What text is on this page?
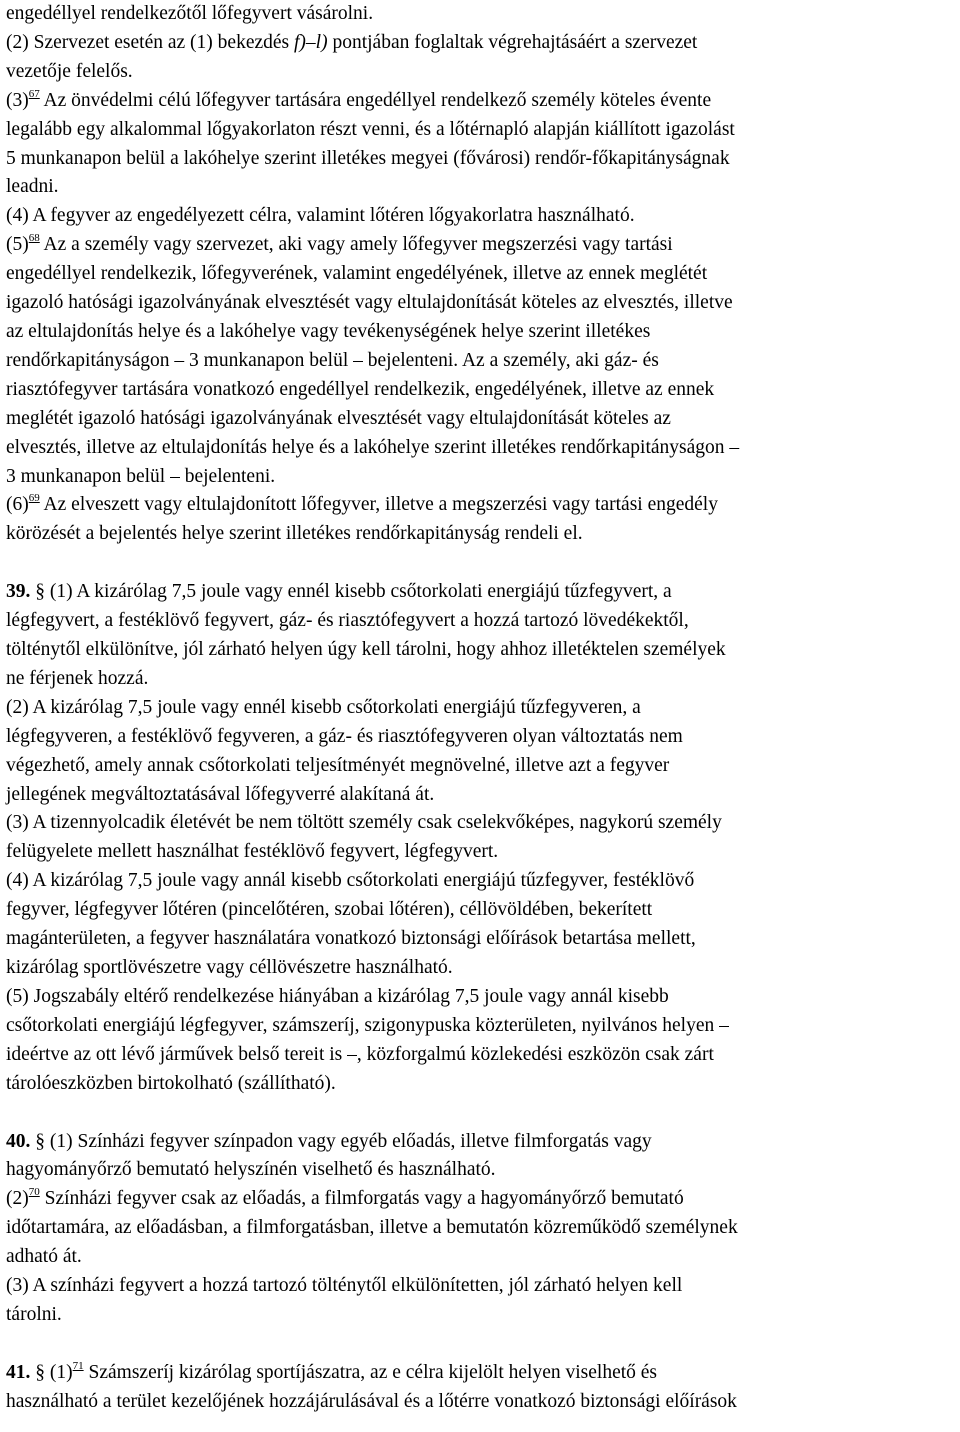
engedéllyel rendelkezőtől lőfegyvert vásárolni.

(2) Szervezet esetén az (1) bekezdés f)–l) pontjában foglaltak végrehajtásáért a szervezet
vezetője felelős.

$(3)^{67}$ Az önvédelmi célú lőfegyver tartására engedéllyel rendelkező személy köteles évente
legalább egy alkalommal lőgyakorlaton részt venni, és a lőtérnapló alapján kiállított igazolást
5 munkanapon belül a lakóhelye szerint illetékes megyei (fővárosi) rendőr-főkapitányságnak
leadni.

(4) A fegyver az engedélyezett célra, valamint lőtéren lőgyakorlatra használható.

$(5)^{68}$ Az a személy vagy szervezet, aki vagy amely lőfegyver megszerzési vagy tartási
engedéllyel rendelkezik, lőfegyverének, valamint engedélyének, illetve az ennek meglétét
igazoló hatósági igazolványának elvesztését vagy eltulajdonítását köteles az elvesztés, illetve
az eltulajdonítás helye és a lakóhelye vagy tevékenységének helye szerint illetékes
rendőrkapitányságon – 3 munkanapon belül – bejelenteni. Az a személy, aki gáz- és
riasztófegyver tartására vonatkozó engedéllyel rendelkezik, engedélyének, illetve az ennek
meglétét igazoló hatósági igazolványának elvesztését vagy eltulajdonítását köteles az
elvesztés, illetve az eltulajdonítás helye és a lakóhelye szerint illetékes rendőrkapitányságon –
3 munkanapon belül – bejelenteni.

$(6)^{69}$ Az elveszett vagy eltulajdonított lőfegyver, illetve a megszerzési vagy tartási engedély
körözését a bejelentés helye szerint illetékes rendőrkapitányság rendeli el.

39. § (1) A kizárólag 7,5 joule vagy ennél kisebb csőtorkolati energiájú tűzfegyvert, a
légfegyvert, a festéklövő fegyvert, gáz- és riasztófegyvert a hozzá tartozó lövedékektől,
tölténytől elkülönítve, jól zárható helyen úgy kell tárolni, hogy ahhoz illetéktelen személyek
ne férjenek hozzá.

(2) A kizárólag 7,5 joule vagy ennél kisebb csőtorkolati energiájú tűzfegyveren, a
légfegyveren, a festéklövő fegyveren, a gáz- és riasztófegyveren olyan változtatás nem
végezhető, amely annak csőtorkolati teljesítményét megnövelné, illetve azt a fegyver
jellegének megváltoztatásával lőfegyverré alakítaná át.

(3) A tizennyolcadik életévét be nem töltött személy csak cselekvőképes, nagykorú személy
felügyelete mellett használhat festéklövő fegyvert, légfegyvert.

(4) A kizárólag 7,5 joule vagy annál kisebb csőtorkolati energiájú tűzfegyver, festéklövő
fegyver, légfegyver lőtéren (pincelőtéren, szobai lőtéren), céllövöldében, bekerített
magánterületen, a fegyver használatára vonatkozó biztonsági előírások betartása mellett,
kizárólag sportlövészetre vagy céllövészetre használható.

(5) Jogszabály eltérő rendelkezése hiányában a kizárólag 7,5 joule vagy annál kisebb
csőtorkolati energiájú légfegyver, számszeríj, szigonypuska közterületen, nyilvános helyen –
ideértve az ott lévő járművek belső tereit is –, közforgalmú közlekedési eszközön csak zárt
tárolóeszközben birtokolható (szállítható).

40. § (1) Színházi fegyver színpadon vagy egyéb előadás, illetve filmforgatás vagy
hagyományőrző bemutató helyszínén viselhető és használható.

$(2)^{70}$ Színházi fegyver csak az előadás, a filmforgatás vagy a hagyományőrző bemutató
időtartamára, az előadásban, a filmforgatásban, illetve a bemutatón közreműködő személynek
adható át.

(3) A színházi fegyvert a hozzá tartozó tölténytől elkülönítetten, jól zárható helyen kell
tárolni.

41. § $(1)^{71}$ Számszeríj kizárólag sportíjászatra, az e célra kijelölt helyen viselhető és
használható a terület kezelőjének hozzájárulásával és a lőtérre vonatkozó biztonsági előírások
